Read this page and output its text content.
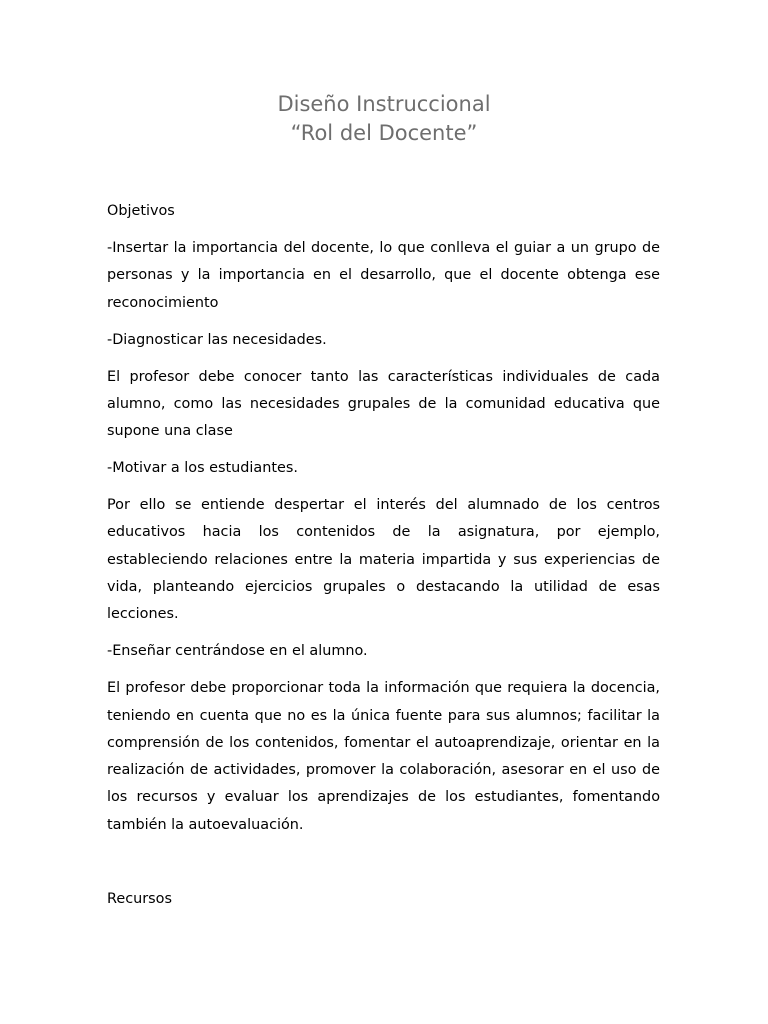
Diseño Instruccional
“Rol del Docente”

Objetivos

-Insertar la importancia del docente, lo que conlleva el guiar a un grupo de personas y la importancia en el desarrollo, que el docente obtenga ese reconocimiento

-Diagnosticar las necesidades.

El profesor debe conocer tanto las características individuales de cada alumno, como las necesidades grupales de la comunidad educativa que supone una clase

-Motivar a los estudiantes.

Por ello se entiende despertar el interés del alumnado de los centros educativos hacia los contenidos de la asignatura, por ejemplo, estableciendo relaciones entre la materia impartida y sus experiencias de vida, planteando ejercicios grupales o destacando la utilidad de esas lecciones.

-Enseñar centrándose en el alumno.

El profesor debe proporcionar toda la información que requiera la docencia, teniendo en cuenta que no es la única fuente para sus alumnos; facilitar la comprensión de los contenidos, fomentar el autoaprendizaje, orientar en la realización de actividades, promover la colaboración, asesorar en el uso de los recursos y evaluar los aprendizajes de los estudiantes, fomentando también la autoevaluación.

Recursos
